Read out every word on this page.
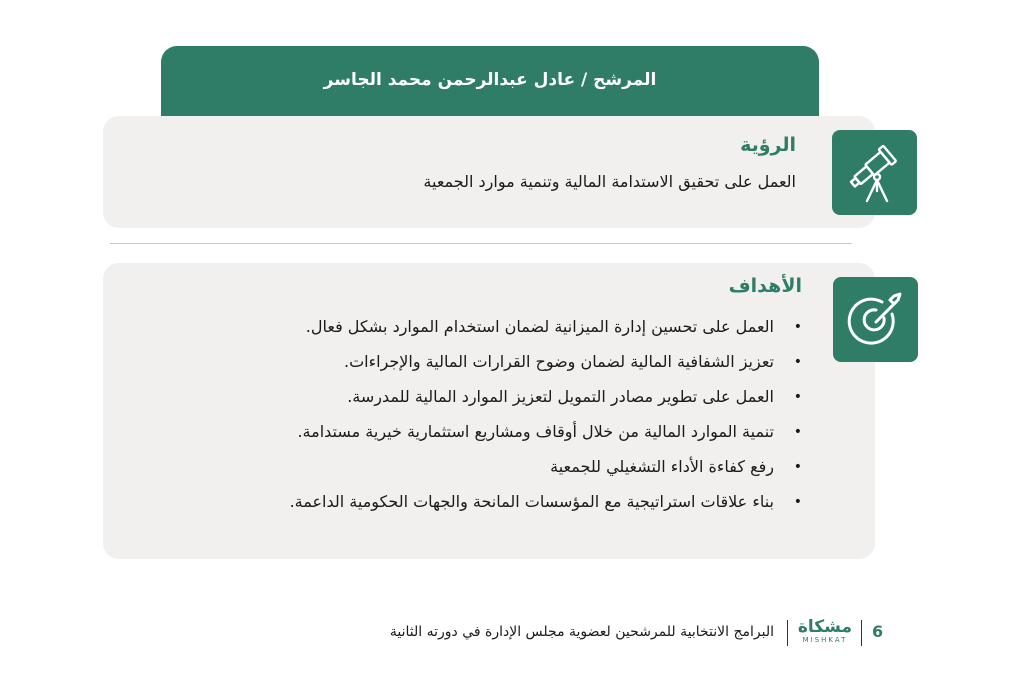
المرشح / عادل عبدالرحمن محمد الجاسر
الرؤية
العمل على تحقيق الاستدامة المالية وتنمية موارد الجمعية
الأهداف
• العمل على تحسين إدارة الميزانية لضمان استخدام الموارد بشكل فعال.
• تعزيز الشفافية المالية لضمان وضوح القرارات المالية والإجراءات.
• العمل على تطوير مصادر التمويل لتعزيز الموارد المالية للمدرسة.
• تنمية الموارد المالية من خلال أوقاف ومشاريع استثمارية خيرية مستدامة.
• رفع كفاءة الأداء التشغيلي للجمعية
• بناء علاقات استراتيجية مع المؤسسات المانحة والجهات الحكومية الداعمة.
البرامج الانتخابية للمرشحين لعضوية مجلس الإدارة في دورته الثانية مشكاة
MISHKAT 6
